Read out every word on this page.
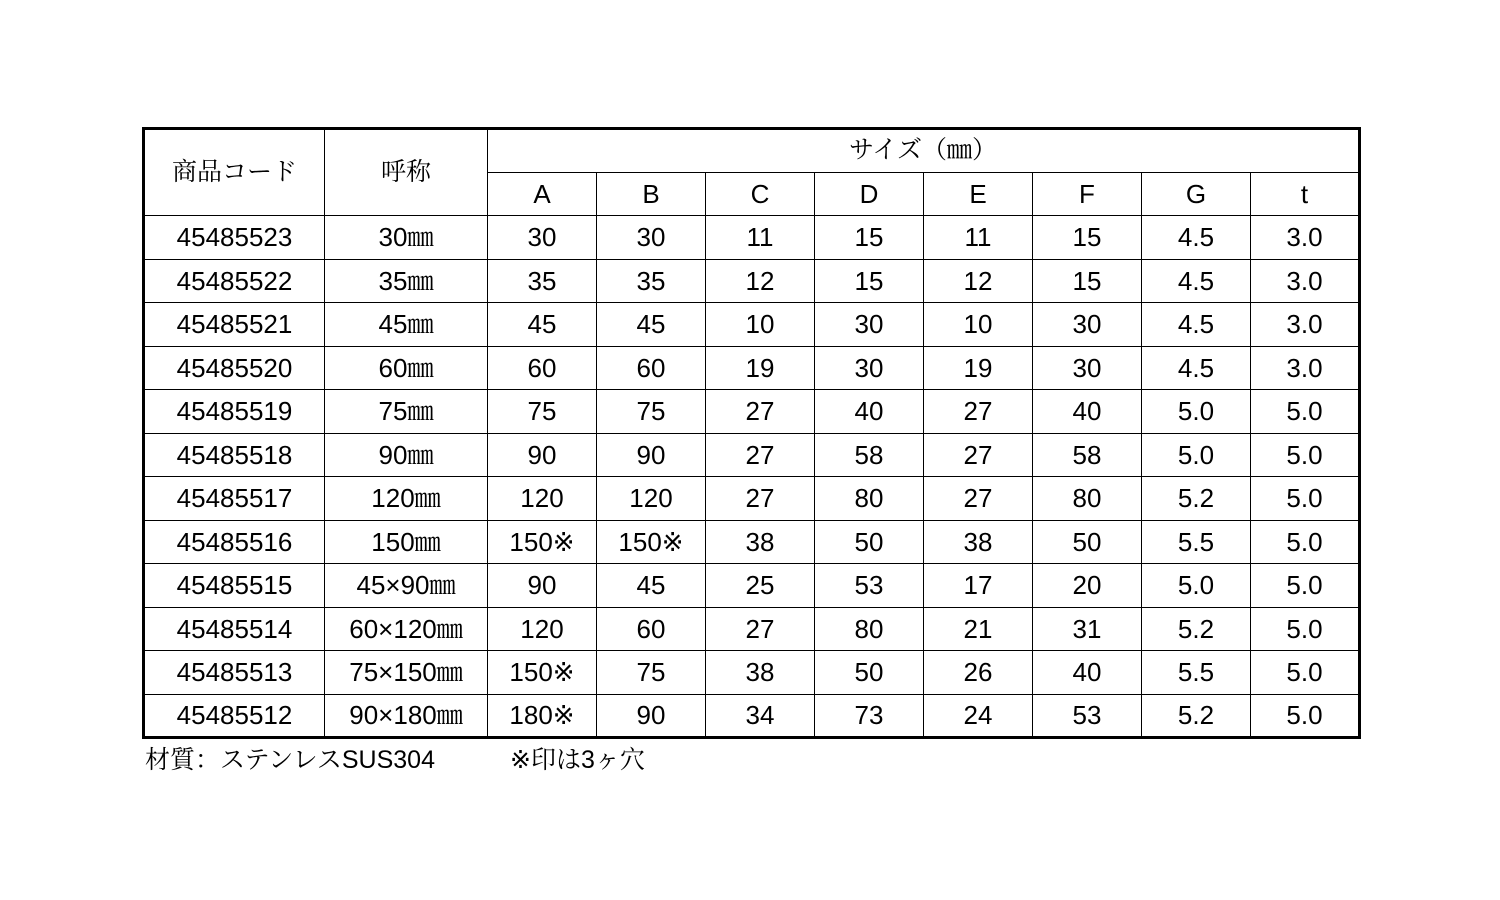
商品コード	呼称	サイズ（㎜）							
		A	B	C	D	E	F	G	t
45485523	30㎜	30	30	11	15	11	15	4.5	3.0
45485522	35㎜	35	35	12	15	12	15	4.5	3.0
45485521	45㎜	45	45	10	30	10	30	4.5	3.0
45485520	60㎜	60	60	19	30	19	30	4.5	3.0
45485519	75㎜	75	75	27	40	27	40	5.0	5.0
45485518	90㎜	90	90	27	58	27	58	5.0	5.0
45485517	120㎜	120	120	27	80	27	80	5.2	5.0
45485516	150㎜	150※	150※	38	50	38	50	5.5	5.0
45485515	45×90㎜	90	45	25	53	17	20	5.0	5.0
45485514	60×120㎜	120	60	27	80	21	31	5.2	5.0
45485513	75×150㎜	150※	75	38	50	26	40	5.5	5.0
45485512	90×180㎜	180※	90	34	73	24	53	5.2	5.0
材質：ステンレスSUS304	※印は3ヶ穴
